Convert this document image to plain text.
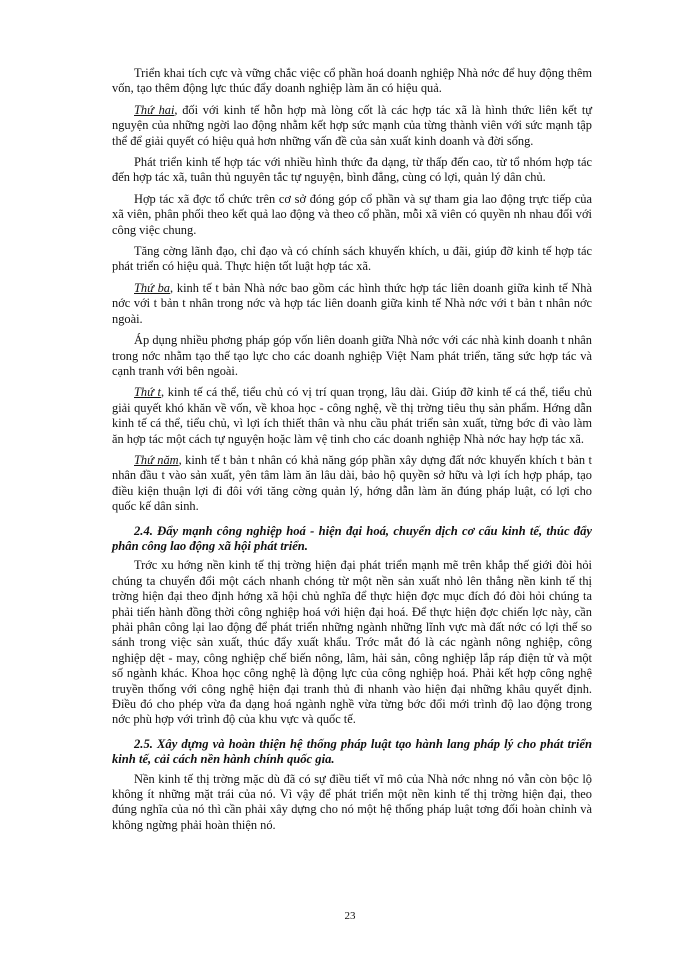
Triển khai tích cực và vững chắc việc cổ phần hoá doanh nghiệp Nhà nớc để huy động thêm vốn, tạo thêm động lực thúc đẩy doanh nghiệp làm ăn có hiệu quả.

Thứ hai, đối với kinh tế hỗn hợp mà lòng cốt là các hợp tác xã là hình thức liên kết tự nguyện của những ngời lao động nhằm kết hợp sức mạnh của từng thành viên với sức mạnh tập thể để giải quyết có hiệu quả hơn những vấn đề của sản xuất kinh doanh và đời sống.

Phát triển kinh tế hợp tác với nhiều hình thức đa dạng, từ thấp đến cao, từ tổ nhóm hợp tác đến hợp tác xã, tuân thủ nguyên tắc tự nguyện, bình đẳng, cùng có lợi, quản lý dân chủ.

Hợp tác xã đợc tổ chức trên cơ sở đóng góp cổ phần và sự tham gia lao động trực tiếp của xã viên, phân phối theo kết quả lao động và theo cổ phần, mỗi xã viên có quyền nh nhau đối với công việc chung.

Tăng cờng lãnh đạo, chỉ đạo và có chính sách khuyến khích, u đãi, giúp đỡ kinh tế hợp tác phát triển có hiệu quả. Thực hiện tốt luật hợp tác xã.

Thứ ba, kinh tế t bản Nhà nớc bao gồm các hình thức hợp tác liên doanh giữa kinh tế Nhà nớc với t bản t nhân trong nớc và hợp tác liên doanh giữa kinh tế Nhà nớc với t bản t nhân nớc ngoài.

Áp dụng nhiều phơng pháp góp vốn liên doanh giữa Nhà nớc với các nhà kinh doanh t nhân trong nớc nhằm tạo thế tạo lực cho các doanh nghiệp Việt Nam phát triển, tăng sức hợp tác và cạnh tranh với bên ngoài.

Thứ t, kinh tế cá thể, tiểu chủ có vị trí quan trọng, lâu dài. Giúp đỡ kinh tế cá thể, tiểu chủ giải quyết khó khăn về vốn, về khoa học - công nghệ, về thị trờng tiêu thụ sản phẩm. Hớng dẫn kinh tế cá thể, tiểu chủ, vì lợi ích thiết thân và nhu cầu phát triển sản xuất, từng bớc đi vào làm ăn hợp tác một cách tự nguyện hoặc làm vệ tinh cho các doanh nghiệp Nhà nớc hay hợp tác xã.

Thứ năm, kinh tế t bản t nhân có khả năng góp phần xây dựng đất nớc khuyến khích t bản t nhân đầu t vào sản xuất, yên tâm làm ăn lâu dài, bảo hộ quyền sở hữu và lợi ích hợp pháp, tạo điều kiện thuận lợi đi đôi với tăng cờng quản lý, hớng dẫn làm ăn đúng pháp luật, có lợi cho quốc kế dân sinh.

2.4. Đẩy mạnh công nghiệp hoá - hiện đại hoá, chuyển dịch cơ cấu kinh tế, thúc đẩy phân công lao động xã hội phát triển.

Trớc xu hớng nền kinh tế thị trờng hiện đại phát triển mạnh mẽ trên khắp thế giới đòi hỏi chúng ta chuyển đổi một cách nhanh chóng từ một nền sản xuất nhỏ lên thẳng nền kinh tế thị trờng hiện đại theo định hớng xã hội chủ nghĩa để thực hiện đợc mục đích đó đòi hỏi chúng ta phải tiến hành đồng thời công nghiệp hoá với hiện đại hoá. Để thực hiện đợc chiến lợc này, cần phải phân công lại lao động để phát triển những ngành những lĩnh vực mà đất nớc có lợi thế so sánh trong việc sản xuất, thúc đẩy xuất khẩu. Trớc mắt đó là các ngành nông nghiệp, công nghiệp dệt - may, công nghiệp chế biến nông, lâm, hải sản, công nghiệp lắp ráp điện tử và một số ngành khác. Khoa học công nghệ là động lực của công nghiệp hoá. Phải kết hợp công nghệ truyền thống với công nghệ hiện đại tranh thủ đi nhanh vào hiện đại những khâu quyết định. Điều đó cho phép vừa đa dạng hoá ngành nghề vừa từng bớc đổi mới trình độ lao động trong nớc phù hợp với trình độ của khu vực và quốc tế.

2.5. Xây dựng và hoàn thiện hệ thống pháp luật tạo hành lang pháp lý cho phát triển kinh tế, cải cách nền hành chính quốc gia.

Nền kinh tế thị trờng mặc dù đã có sự điều tiết vĩ mô của Nhà nớc nhng nó vẫn còn bộc lộ không ít những mặt trái của nó. Vì vậy để phát triển một nền kinh tế thị trờng hiện đại, theo đúng nghĩa của nó thì cần phải xây dựng cho nó một hệ thống pháp luật tơng đối hoàn chỉnh và không ngừng phải hoàn thiện nó.

23
